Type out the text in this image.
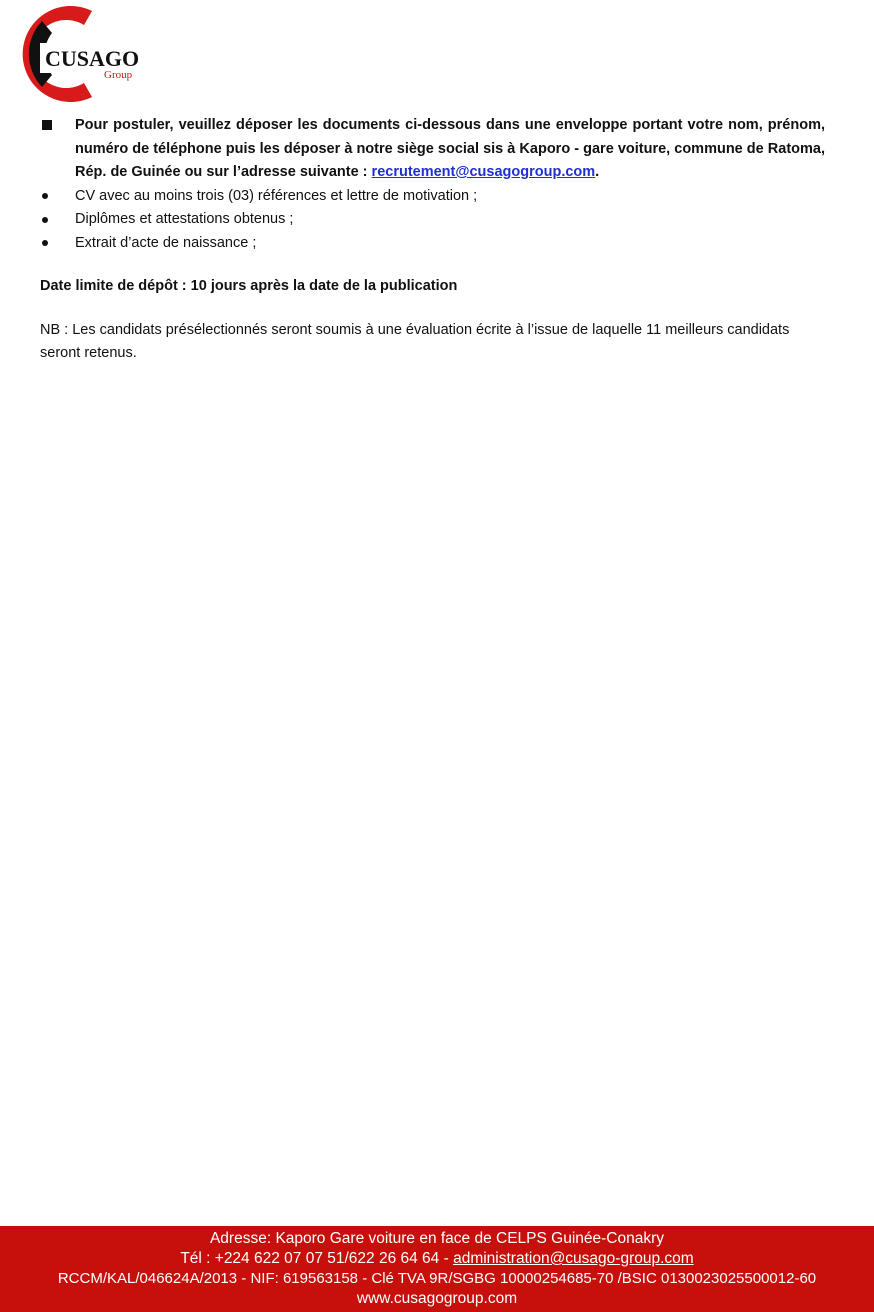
CUSAGO
Group

Pour postuler, veuillez déposer les documents ci-dessous dans une enveloppe portant votre nom, prénom, numéro de téléphone puis les déposer à notre siège social sis à Kaporo - gare voiture, commune de Ratoma, Rép. de Guinée ou sur l’adresse suivante : recrutement@cusagogroup.com.

CV avec au moins trois (03) références et lettre de motivation ;
Diplômes et attestations obtenus ;
Extrait d’acte de naissance ;
Date limite de dépôt : 10 jours après la date de la publication
NB : Les candidats présélectionnés seront soumis à une évaluation écrite à l’issue de laquelle 11 meilleurs candidats seront retenus.
Adresse: Kaporo Gare voiture en face de CELPS Guinée-Conakry
Tél : +224 622 07 07 51/622 26 64 64 - administration@cusago-group.com
RCCM/KAL/046624A/2013 - NIF: 619563158 - Clé TVA 9R/SGBG 10000254685-70 /BSIC 0130023025500012-60
www.cusagogroup.com
